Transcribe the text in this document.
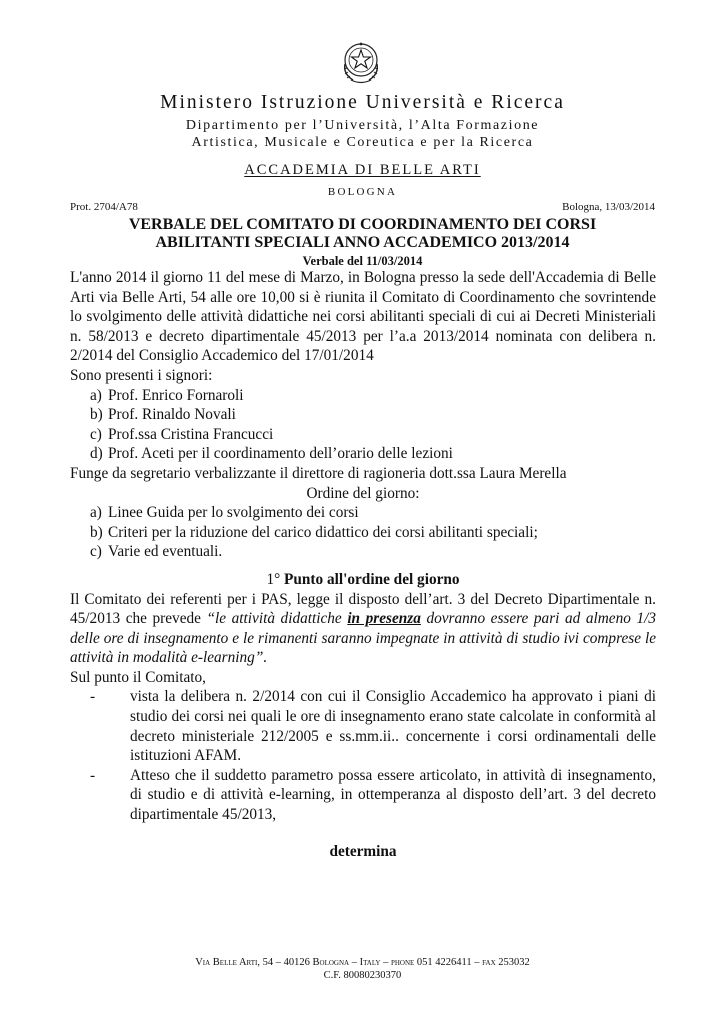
Ministero Istruzione Università e Ricerca
Dipartimento per l’Università, l’Alta Formazione
Artistica, Musicale e Coreutica e per la Ricerca
ACCADEMIA DI BELLE ARTI
BOLOGNA
Prot. 2704/A78	Bologna, 13/03/2014
VERBALE DEL COMITATO DI COORDINAMENTO DEI CORSI
ABILITANTI SPECIALI ANNO ACCADEMICO 2013/2014
Verbale del 11/03/2014

L'anno 2014 il giorno 11 del mese di Marzo, in Bologna presso la sede dell'Accademia di Belle Arti via Belle Arti, 54 alle ore 10,00 si è riunita il Comitato di Coordinamento che sovrintende lo svolgimento delle attività didattiche nei corsi abilitanti speciali di cui ai Decreti Ministeriali n. 58/2013 e decreto dipartimentale 45/2013 per l’a.a 2013/2014 nominata con delibera n. 2/2014 del Consiglio Accademico del 17/01/2014

Sono presenti i signori:

a) Prof. Enrico Fornaroli
b) Prof. Rinaldo Novali
c) Prof.ssa Cristina Francucci
d) Prof. Aceti per il coordinamento dell’orario delle lezioni

Funge da segretario verbalizzante il direttore di ragioneria dott.ssa Laura Merella

Ordine del giorno:

a) Linee Guida per lo svolgimento dei corsi
b) Criteri per la riduzione del carico didattico dei corsi abilitanti speciali;
c) Varie ed eventuali.

1° Punto all'ordine del giorno

Il Comitato dei referenti per i PAS, legge il disposto dell’art. 3 del Decreto Dipartimentale n. 45/2013 che prevede “le attività didattiche in presenza dovranno essere pari ad almeno 1/3 delle ore di insegnamento e le rimanenti saranno impegnate in attività di studio ivi comprese le attività in modalità e-learning”.

Sul punto il Comitato,

- vista la delibera n. 2/2014 con cui il Consiglio Accademico ha approvato i piani di studio dei corsi nei quali le ore di insegnamento erano state calcolate in conformità al decreto ministeriale 212/2005 e ss.mm.ii.. concernente i corsi ordinamentali delle istituzioni AFAM.
- Atteso che il suddetto parametro possa essere articolato, in attività di insegnamento, di studio e di attività e-learning, in ottemperanza al disposto dell’art. 3 del decreto dipartimentale 45/2013,

determina

Via Belle Arti, 54 – 40126 Bologna – Italy – phone 051 4226411 – fax 253032
C.F. 80080230370
